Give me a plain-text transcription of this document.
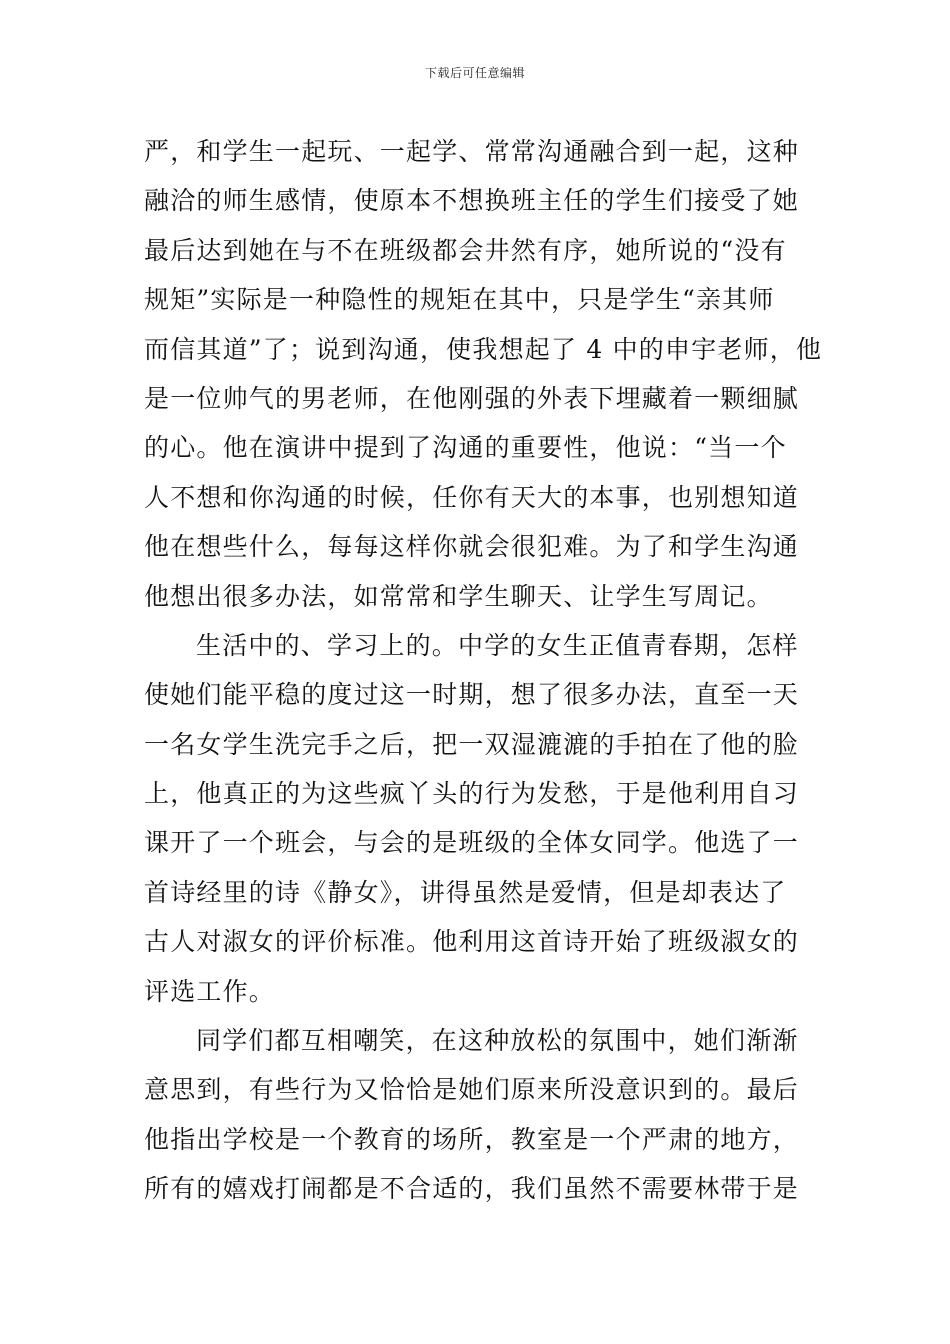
下载后可任意编辑
严，和学生一起玩、一起学、常常沟通融合到一起，这种
融洽的师生感情，使原本不想换班主任的学生们接受了她
最后达到她在与不在班级都会井然有序，她所说的“没有
规矩”实际是一种隐性的规矩在其中，只是学生“亲其师
而信其道”了；说到沟通，使我想起了 4 中的申宇老师，他
是一位帅气的男老师，在他刚强的外表下埋藏着一颗细腻
的心。他在演讲中提到了沟通的重要性，他说：“当一个
人不想和你沟通的时候，任你有天大的本事，也别想知道
他在想些什么，每每这样你就会很犯难。为了和学生沟通
他想出很多办法，如常常和学生聊天、让学生写周记。
生活中的、学习上的。中学的女生正值青春期，怎样
使她们能平稳的度过这一时期，想了很多办法，直至一天
一名女学生洗完手之后，把一双湿漉漉的手拍在了他的脸
上，他真正的为这些疯丫头的行为发愁，于是他利用自习
课开了一个班会，与会的是班级的全体女同学。他选了一
首诗经里的诗《静女》，讲得虽然是爱情，但是却表达了
古人对淑女的评价标准。他利用这首诗开始了班级淑女的
评选工作。
同学们都互相嘲笑，在这种放松的氛围中，她们渐渐
意思到，有些行为又恰恰是她们原来所没意识到的。最后
他指出学校是一个教育的场所，教室是一个严肃的地方，
所有的嬉戏打闹都是不合适的，我们虽然不需要林带于是
